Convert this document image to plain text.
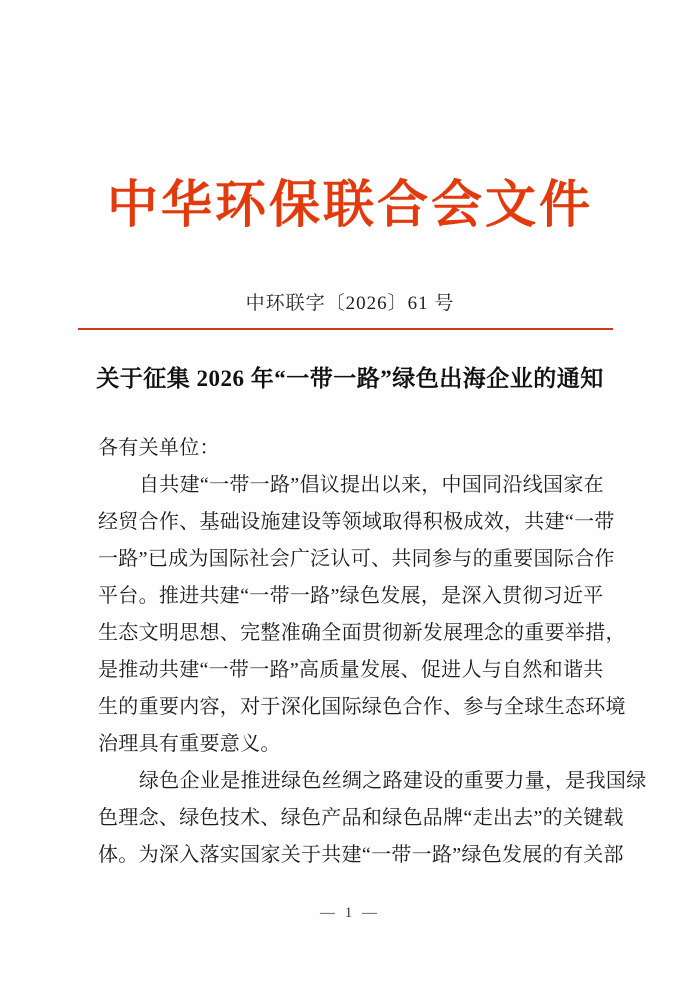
中华环保联合会文件
中环联字〔2026〕61 号
关于征集 2026 年“一带一路”绿色出海企业的通知
各有关单位：
自共建“一带一路”倡议提出以来，中国同沿线国家在
经贸合作、基础设施建设等领域取得积极成效，共建“一带
一路”已成为国际社会广泛认可、共同参与的重要国际合作
平台。推进共建“一带一路”绿色发展，是深入贯彻习近平
生态文明思想、完整准确全面贯彻新发展理念的重要举措，
是推动共建“一带一路”高质量发展、促进人与自然和谐共
生的重要内容，对于深化国际绿色合作、参与全球生态环境
治理具有重要意义。
绿色企业是推进绿色丝绸之路建设的重要力量，是我国绿
色理念、绿色技术、绿色产品和绿色品牌“走出去”的关键载
体。为深入落实国家关于共建“一带一路”绿色发展的有关部
— 1 —
